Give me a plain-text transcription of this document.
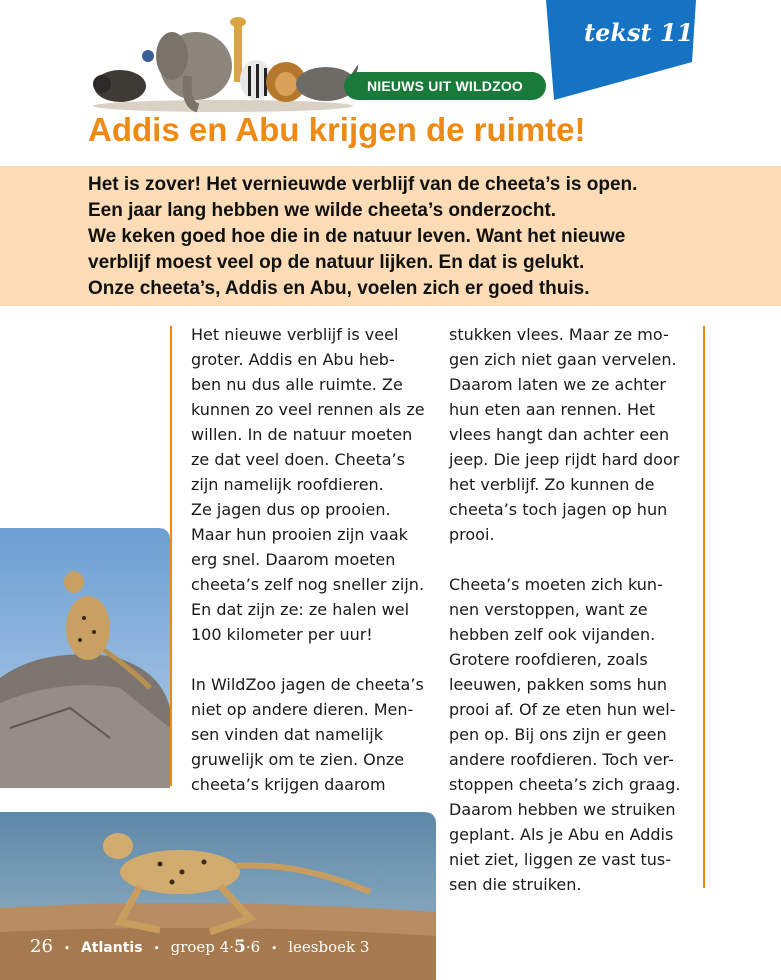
NIEUWS UIT WILDZOO
tekst 11
Addis en Abu krijgen de ruimte!
Het is zover! Het vernieuwde verblijf van de cheeta’s is open.
Een jaar lang hebben we wilde cheeta’s onderzocht.
We keken goed hoe die in de natuur leven. Want het nieuwe
verblijf moest veel op de natuur lijken. En dat is gelukt.
Onze cheeta’s, Addis en Abu, voelen zich er goed thuis.

Het nieuwe verblijf is veel
groter. Addis en Abu heb-
ben nu dus alle ruimte. Ze
kunnen zo veel rennen als ze
willen. In de natuur moeten
ze dat veel doen. Cheeta’s
zijn namelijk roofdieren.
Ze jagen dus op prooien.
Maar hun prooien zijn vaak
erg snel. Daarom moeten
cheeta’s zelf nog sneller zijn.
En dat zijn ze: ze halen wel
100 kilometer per uur!

In WildZoo jagen de cheeta’s
niet op andere dieren. Men-
sen vinden dat namelijk
gruwelijk om te zien. Onze
cheeta’s krijgen daarom

stukken vlees. Maar ze mo-
gen zich niet gaan vervelen.
Daarom laten we ze achter
hun eten aan rennen. Het
vlees hangt dan achter een
jeep. Die jeep rijdt hard door
het verblijf. Zo kunnen de
cheeta’s toch jagen op hun
prooi.

Cheeta’s moeten zich kun-
nen verstoppen, want ze
hebben zelf ook vijanden.
Grotere roofdieren, zoals
leeuwen, pakken soms hun
prooi af. Of ze eten hun wel-
pen op. Bij ons zijn er geen
andere roofdieren. Toch ver-
stoppen cheeta’s zich graag.
Daarom hebben we struiken
geplant. Als je Abu en Addis
niet ziet, liggen ze vast tus-
sen die struiken.

26 • Atlantis • groep 4·5·6 • leesboek 3
